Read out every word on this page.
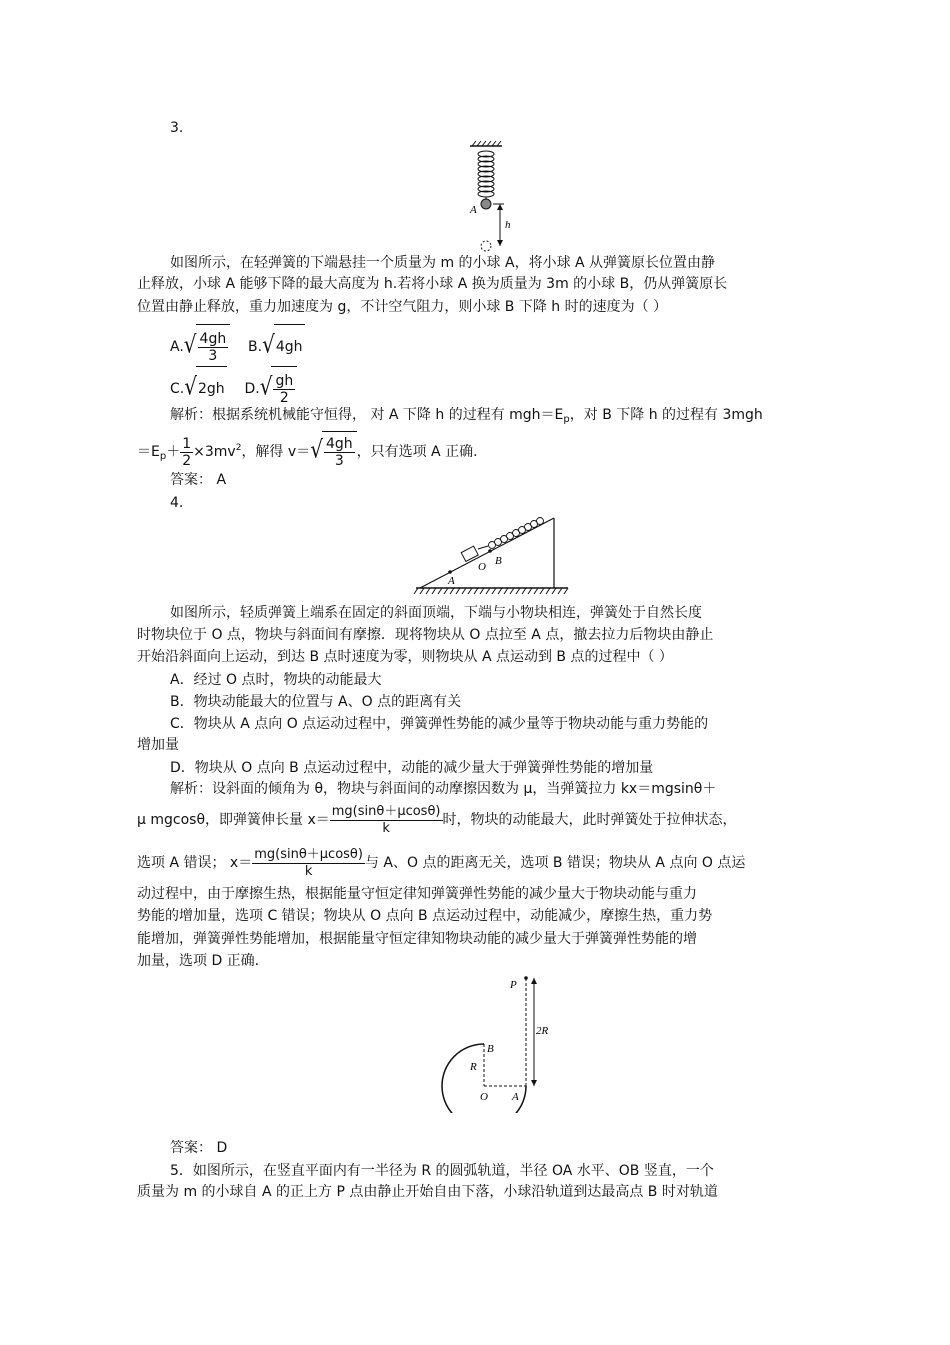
3.
A
h
如图所示，在轻弹簧的下端悬挂一个质量为 m 的小球 A，将小球 A 从弹簧原长位置由静
止释放，小球 A 能够下降的最大高度为 h.若将小球 A 换为质量为 3m 的小球 B，仍从弹簧原长
位置由静止释放，重力加速度为 g，不计空气阻力，则小球 B 下降 h 时的速度为（ ）
$A.√ \frac{4gh}{3} B.√4gh$
C.√2gh $D.√ \frac{gh}{2}$
解析：根据系统机械能守恒得， 对 A 下降 h 的过程有 $mgh=E_p$，对 B 下降 h 的过程有 3mgh
$=E_p+ \frac{1}{2} \times 3mv^2$，解得 $v=√ \frac{4gh}{3}$ ，只有选项 A 正确.
答案： A
4.
A
O B
如图所示，轻质弹簧上端系在固定的斜面顶端，下端与小物块相连，弹簧处于自然长度
时物块位于 O 点，物块与斜面间有摩擦．现将物块从 O 点拉至 A 点，撤去拉力后物块由静止
开始沿斜面向上运动，到达 B 点时速度为零，则物块从 A 点运动到 B 点的过程中（ ）
A．经过 O 点时，物块的动能最大
B．物块动能最大的位置与 A、O 点的距离有关
C．物块从 A 点向 O 点运动过程中，弹簧弹性势能的减少量等于物块动能与重力势能的
增加量
D．物块从 O 点向 B 点运动过程中，动能的减少量大于弹簧弹性势能的增加量
解析：设斜面的倾角为 θ，物块与斜面间的动摩擦因数为 μ，当弹簧拉力 kx＝mgsinθ＋
μ mgcosθ，即弹簧伸长量 $x= \frac{mg(\sin\theta+\mu\cos\theta)}{k}$ 时，物块的动能最大，此时弹簧处于拉伸状态，
选项 A 错误； $x= \frac{mg(\sin\theta+\mu\cos\theta)}{k}$ 与 A、O 点的距离无关，选项 B 错误；物块从 A 点向 O 点运
动过程中，由于摩擦生热，根据能量守恒定律知弹簧弹性势能的减少量大于物块动能与重力
势能的增加量，选项 C 错误；物块从 O 点向 B 点运动过程中，动能减少，摩擦生热，重力势
能增加，弹簧弹性势能增加，根据能量守恒定律知物块动能的减少量大于弹簧弹性势能的增
加量，选项 D 正确.
P
2R
B
R
O A
答案： D
5．如图所示，在竖直平面内有一半径为 R 的圆弧轨道，半径 OA 水平、OB 竖直，一个
质量为 m 的小球自 A 的正上方 P 点由静止开始自由下落，小球沿轨道到达最高点 B 时对轨道
